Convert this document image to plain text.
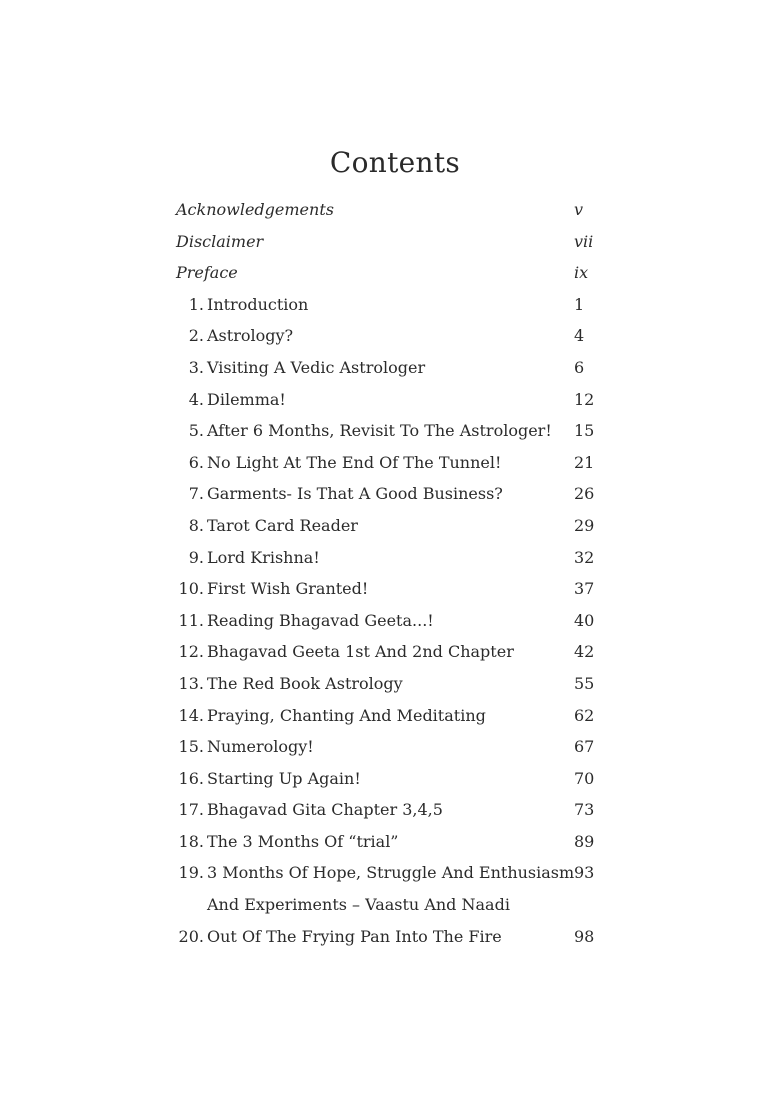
Contents
Acknowledgements	v
Disclaimer	vii
Preface	ix
1. Introduction	1
2. Astrology?	4
3. Visiting A Vedic Astrologer	6
4. Dilemma!	12
5. After 6 Months, Revisit To The Astrologer! 15
6. No Light At The End Of The Tunnel!	21
7. Garments- Is That A Good Business?	26
8. Tarot Card Reader	29
9. Lord Krishna!	32
10. First Wish Granted!	37
11. Reading Bhagavad Geeta...!	40
12. Bhagavad Geeta 1st And 2nd Chapter	42
13. The Red Book Astrology	55
14. Praying, Chanting And Meditating	62
15. Numerology!	67
16. Starting Up Again!	70
17. Bhagavad Gita Chapter 3,4,5	73
18. The 3 Months Of “trial”	89
19. 3 Months Of Hope, Struggle And Enthusiasm 93
And Experiments – Vaastu And Naadi
20. Out Of The Frying Pan Into The Fire	98
